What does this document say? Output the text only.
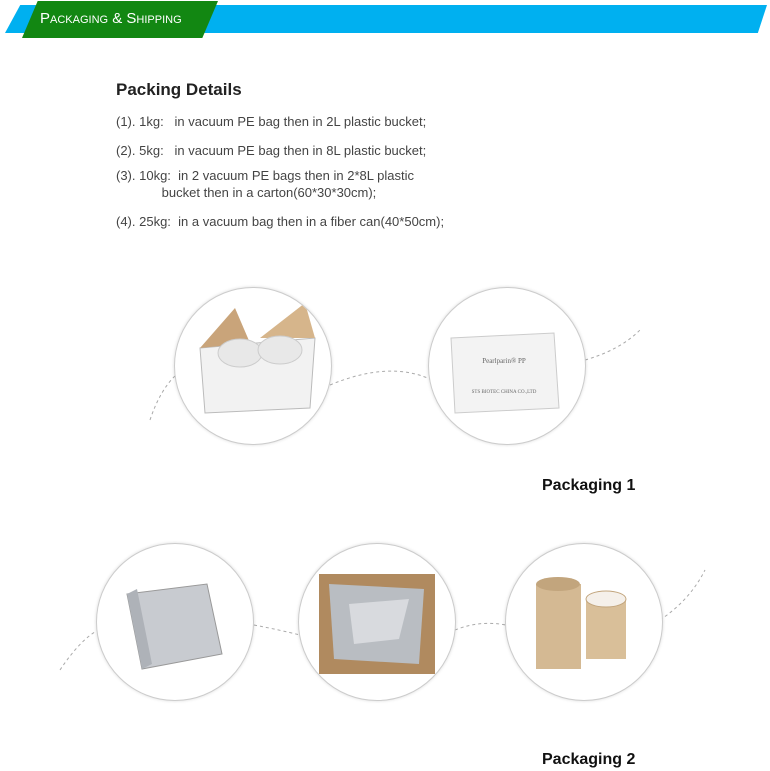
Packaging & Shipping
Packing Details
(1). 1kg:   in vacuum PE bag then in 2L plastic bucket;
(2). 5kg:   in vacuum PE bag then in 8L plastic bucket;
(3). 10kg:  in 2 vacuum PE bags then in 2*8L plastic
bucket then in a carton(60*30*30cm);
(4). 25kg:  in a vacuum bag then in a fiber can(40*50cm);
Pearlparin® PP
STS BIOTEC CHINA CO.,LTD
Packaging 1
Packaging 2
